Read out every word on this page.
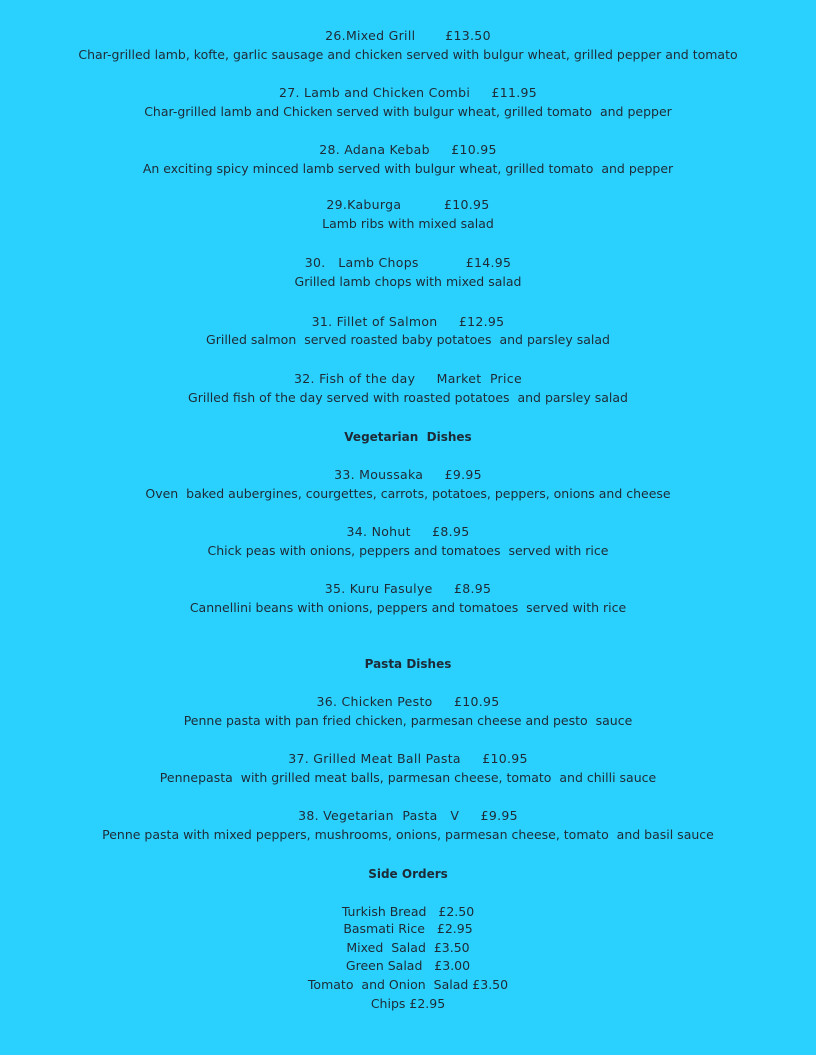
26.Mixed Grill       £13.50
Char-grilled lamb, kofte, garlic sausage and chicken served with bulgur wheat, grilled pepper and tomato
27. Lamb and Chicken Combi     £11.95
Char-grilled lamb and Chicken served with bulgur wheat, grilled tomato  and pepper
28. Adana Kebab     £10.95
An exciting spicy minced lamb served with bulgur wheat, grilled tomato  and pepper
29.Kaburga          £10.95
Lamb ribs with mixed salad
30.   Lamb Chops           £14.95
Grilled lamb chops with mixed salad
31. Fillet of Salmon     £12.95
Grilled salmon  served roasted baby potatoes  and parsley salad
32. Fish of the day     Market  Price
Grilled fish of the day served with roasted potatoes  and parsley salad
Vegetarian  Dishes
33. Moussaka     £9.95
Oven  baked aubergines, courgettes, carrots, potatoes, peppers, onions and cheese
34. Nohut     £8.95
Chick peas with onions, peppers and tomatoes  served with rice
35. Kuru Fasulye     £8.95
Cannellini beans with onions, peppers and tomatoes  served with rice
Pasta Dishes
36. Chicken Pesto     £10.95
Penne pasta with pan fried chicken, parmesan cheese and pesto  sauce
37. Grilled Meat Ball Pasta     £10.95
Pennepasta  with grilled meat balls, parmesan cheese, tomato  and chilli sauce
38. Vegetarian  Pasta   V     £9.95
Penne pasta with mixed peppers, mushrooms, onions, parmesan cheese, tomato  and basil sauce
Side Orders
Turkish Bread   £2.50
Basmati Rice   £2.95
Mixed  Salad  £3.50
Green Salad   £3.00
Tomato  and Onion  Salad £3.50
Chips £2.95
